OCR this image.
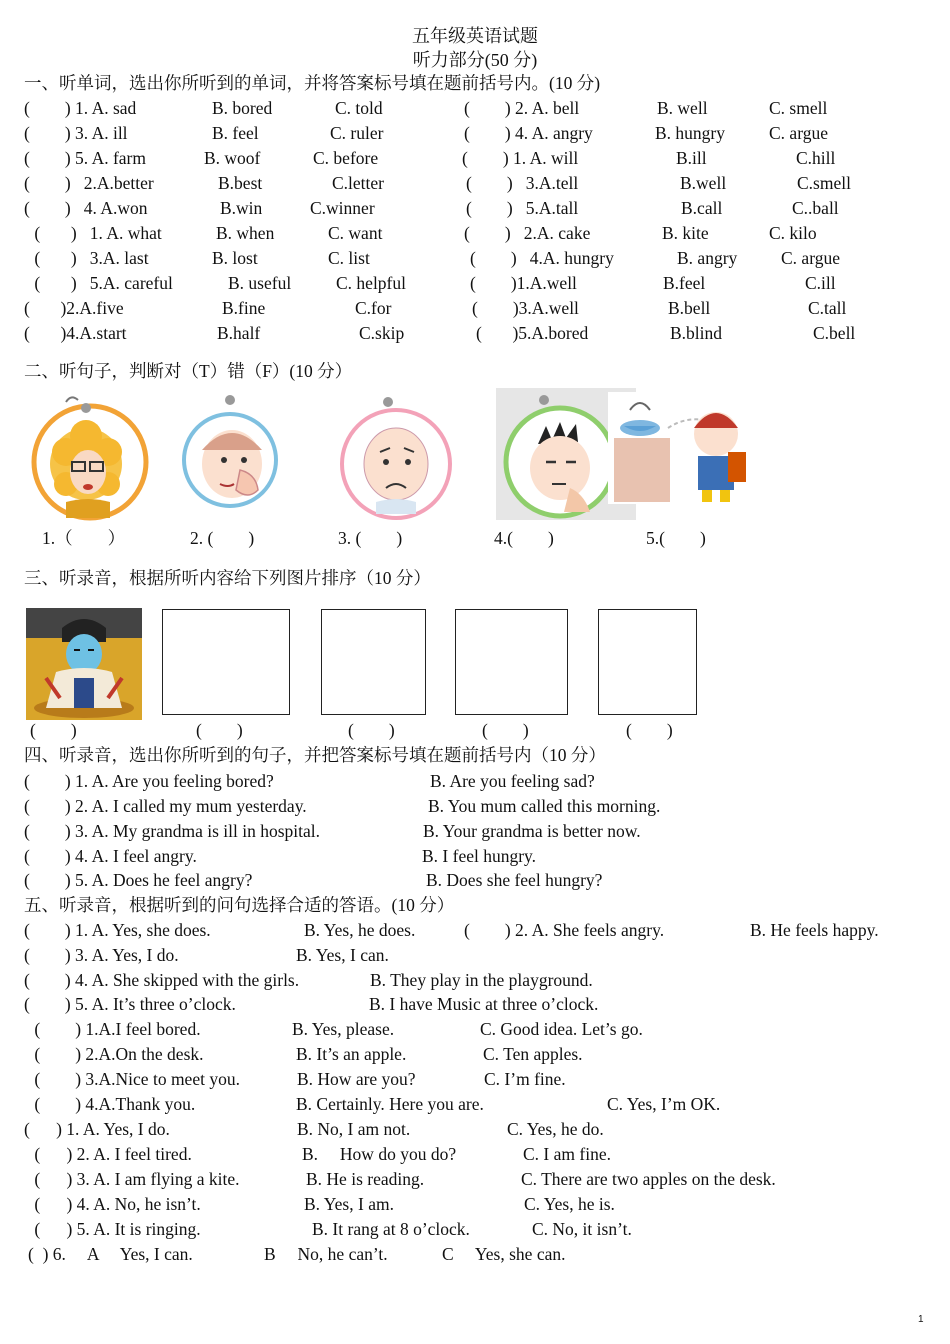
五年级英语试题
听力部分(50 分)
一、听单词，选出你所听到的单词，并将答案标号填在题前括号内。(10 分)
(        ) 1. A. sad	B. bored	C. told	(        ) 2. A. bell	B. well	C. smell
(        ) 3. A. ill	B. feel	C. ruler	(        ) 4. A. angry	B. hungry	C. argue
(        ) 5. A. farm	B. woof	C. before	(        ) 1. A. will	B.ill	C.hill
(        )   2.A.better	B.best	C.letter	(        )   3.A.tell	B.well	C.smell
(        )   4. A.won	B.win	C.winner	(        )   5.A.tall	B.call	C..ball
(       )   1. A. what	B. when	C. want	(        )   2.A. cake	B. kite	C. kilo
(       )   3.A. last	B. lost	C. list	(        )   4.A. hungry	B. angry C. argue
(       )   5.A. careful	B. useful	C. helpful	(        )1.A.well	B.feel	C.ill
(       )2.A.five	B.fine	C.for	(        )3.A.well	B.bell	C.tall
(       )4.A.start	B.half	C.skip	(       )5.A.bored	B.blind	C.bell
二、听句子，判断对（T）错（F）(10 分）
1.（        ）	2. (        )	3. (        )	4.(        )	5.(        )
三、听录音，根据所听内容给下列图片排序（10 分）
(        )	(        )	(        )	(        )	(        )
四、听录音，选出你所听到的句子，并把答案标号填在题前括号内（10 分）
(        ) 1. A. Are you feeling bored?	B. Are you feeling sad?
(        ) 2. A. I called my mum yesterday.	B. You mum called this morning.
(        ) 3. A. My grandma is ill in hospital.	B. Your grandma is better now.
(        ) 4. A. I feel angry.	B. I feel hungry.
(        ) 5. A. Does he feel angry?	B. Does she feel hungry?
五、听录音，根据听到的问句选择合适的答语。(10 分）
(        ) 1. A. Yes, she does.	B. Yes, he does.	(        ) 2. A. She feels angry.	B. He feels happy.
(        ) 3. A. Yes, I do.	B. Yes, I can.
(        ) 4. A. She skipped with the girls.	B. They play in the playground.
(        ) 5. A. It’s three o’clock.	B. I have Music at three o’clock.
(        ) 1.A.I feel bored.	B. Yes, please.	C. Good idea. Let’s go.
(        ) 2.A.On the desk.	B. It’s an apple.	C. Ten apples.
(        ) 3.A.Nice to meet you.	B. How are you?	C. I’m fine.
(        ) 4.A.Thank you.	B. Certainly. Here you are.	C. Yes, I’m OK.
(      ) 1. A. Yes, I do.	B. No, I am not.	C. Yes, he do.
(      ) 2. A. I feel tired.	B.     How do you do?	C. I am fine.
(      ) 3. A. I am flying a kite.	B. He is reading.	C. There are two apples on the desk.
(      ) 4. A. No, he isn’t.	B. Yes, I am.	C. Yes, he is.
(      ) 5. A. It is ringing.	B. It rang at 8 o’clock.	C. No, it isn’t.
(  ) 6.     A     Yes, I can.	B     No, he can’t.	C     Yes, she can.
1
